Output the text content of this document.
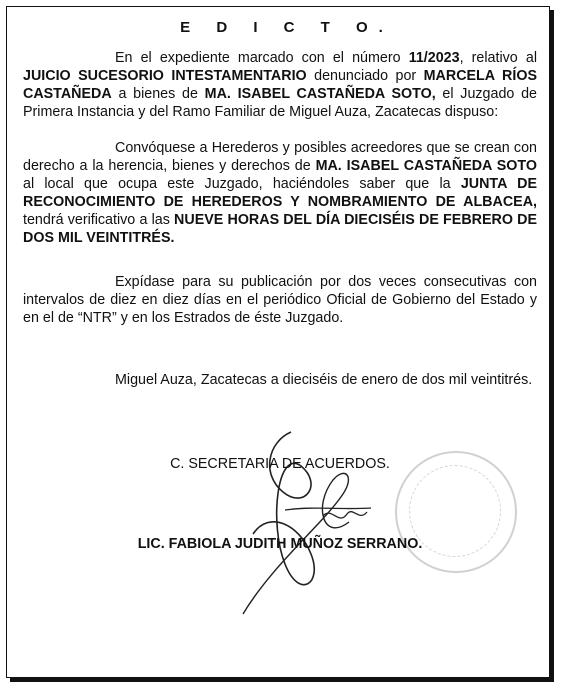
E D I C T O.

En el expediente marcado con el número 11/2023, relativo al JUICIO SUCESORIO INTESTAMENTARIO denunciado por MARCELA RÍOS CASTAÑEDA a bienes de MA. ISABEL CASTAÑEDA SOTO, el Juzgado de Primera Instancia y del Ramo Familiar de Miguel Auza, Zacatecas dispuso:

Convóquese a Herederos y posibles acreedores que se crean con derecho a la herencia, bienes y derechos de MA. ISABEL CASTAÑEDA SOTO al local que ocupa este Juzgado, haciéndoles saber que la JUNTA DE RECONOCIMIENTO DE HEREDEROS Y NOMBRAMIENTO DE ALBACEA, tendrá verificativo a las NUEVE HORAS DEL DÍA DIECISÉIS DE FEBRERO DE DOS MIL VEINTITRÉS.

Expídase para su publicación por dos veces consecutivas con intervalos de diez en diez días en el periódico Oficial de Gobierno del Estado y en el de “NTR” y en los Estrados de éste Juzgado.

Miguel Auza, Zacatecas a dieciséis de enero de dos mil veintitrés.

C. SECRETARIA DE ACUERDOS.
LIC. FABIOLA JUDITH MUÑOZ SERRANO.
